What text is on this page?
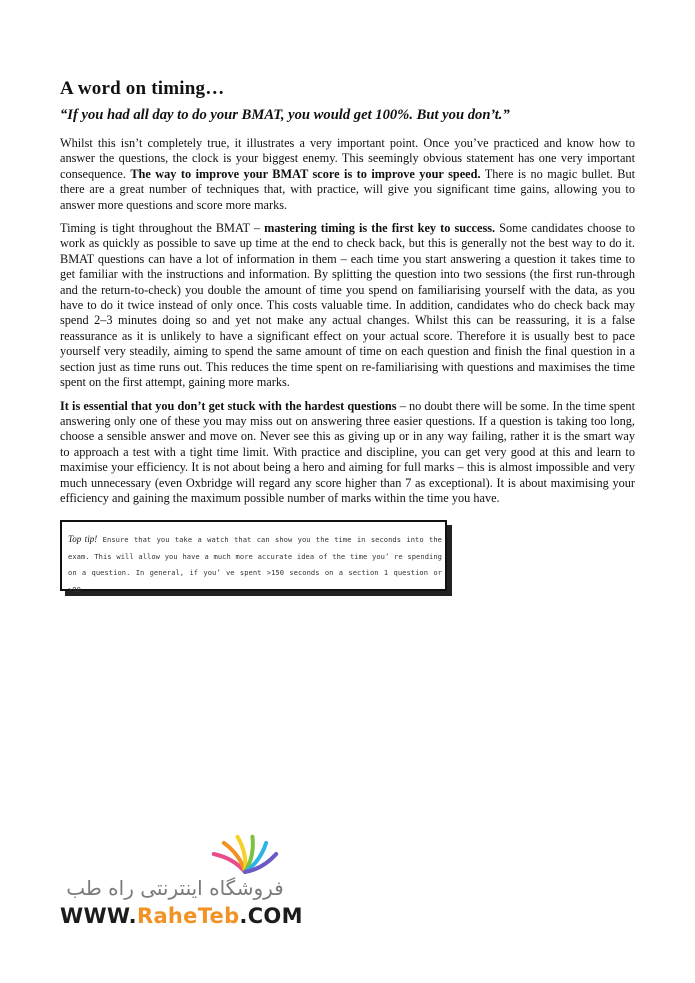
A word on timing…
“If you had all day to do your BMAT, you would get 100%. But you don’t.”

Whilst this isn’t completely true, it illustrates a very important point. Once you’ve practiced and know how to answer the questions, the clock is your biggest enemy. This seemingly obvious statement has one very important consequence. The way to improve your BMAT score is to improve your speed. There is no magic bullet. But there are a great number of techniques that, with practice, will give you significant time gains, allowing you to answer more questions and score more marks.

Timing is tight throughout the BMAT – mastering timing is the first key to success. Some candidates choose to work as quickly as possible to save up time at the end to check back, but this is generally not the best way to do it. BMAT questions can have a lot of information in them – each time you start answering a question it takes time to get familiar with the instructions and information. By splitting the question into two sessions (the first run-through and the return-to-check) you double the amount of time you spend on familiarising yourself with the data, as you have to do it twice instead of only once. This costs valuable time. In addition, candidates who do check back may spend 2–3 minutes doing so and yet not make any actual changes. Whilst this can be reassuring, it is a false reassurance as it is unlikely to have a significant effect on your actual score. Therefore it is usually best to pace yourself very steadily, aiming to spend the same amount of time on each question and finish the final question in a section just as time runs out. This reduces the time spent on re-familiarising with questions and maximises the time spent on the first attempt, gaining more marks.

It is essential that you don’t get stuck with the hardest questions – no doubt there will be some. In the time spent answering only one of these you may miss out on answering three easier questions. If a question is taking too long, choose a sensible answer and move on. Never see this as giving up or in any way failing, rather it is the smart way to approach a test with a tight time limit. With practice and discipline, you can get very good at this and learn to maximise your efficiency. It is not about being a hero and aiming for full marks – this is almost impossible and very much unnecessary (even Oxbridge will regard any score higher than 7 as exceptional). It is about maximising your efficiency and gaining the maximum possible number of marks within the time you have.

Top tip! Ensure that you take a watch that can show you the time in seconds into the exam. This will allow you have a much more accurate idea of the time you’ re spending on a question. In general, if you’ ve spent >150 seconds on a section 1 question or >90
فروشگاه اینترنتی راه طب
WWW.RaheTeb.COM
